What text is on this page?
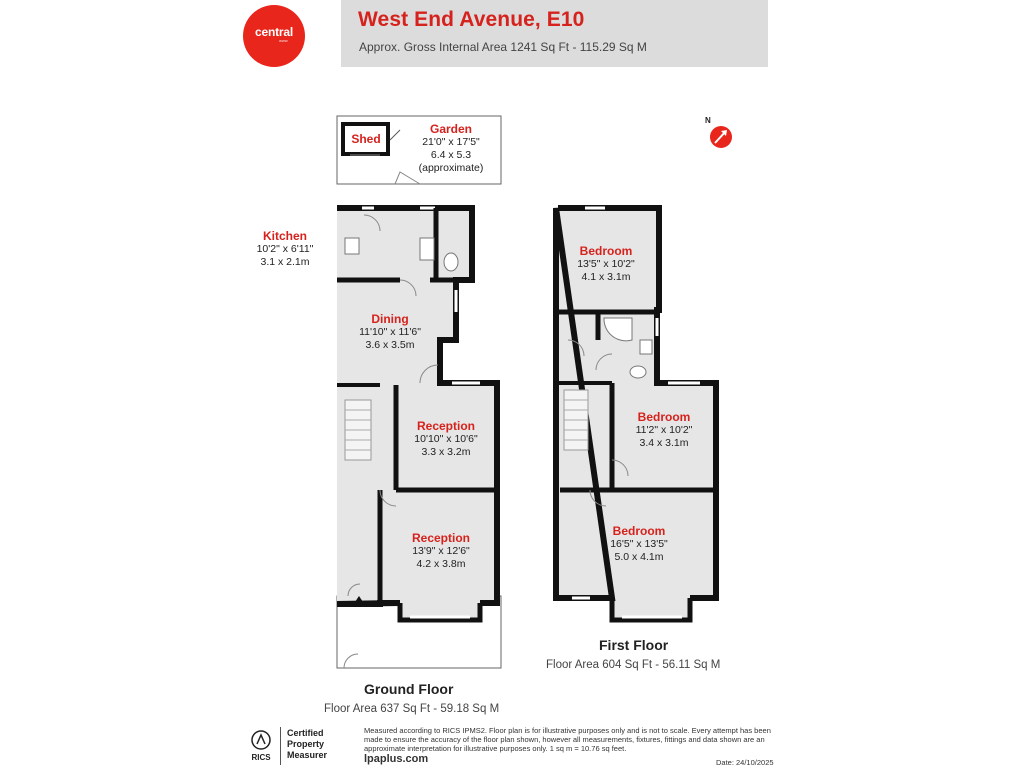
central
www
West End Avenue, E10
Approx. Gross Internal Area 1241 Sq Ft - 115.29 Sq M
N
Shed
Garden
21'0" x 17'5"
6.4 x 5.3
(approximate)
Kitchen
10'2" x 6'11"
3.1 x 2.1m
Dining
11'10" x 11'6"
3.6 x 3.5m
Reception
10'10" x 10'6"
3.3 x 3.2m
Reception
13'9" x 12'6"
4.2 x 3.8m
Ground Floor
Floor Area 637 Sq Ft - 59.18 Sq M
Bedroom
13'5" x 10'2"
4.1 x 3.1m
Bedroom
11'2" x 10'2"
3.4 x 3.1m
Bedroom
16'5" x 13'5"
5.0 x 4.1m
First Floor
Floor Area 604 Sq Ft - 56.11 Sq M
RICS
Certified
Property
Measurer
Measured according to RICS IPMS2. Floor plan is for illustrative purposes only and is not to scale. Every attempt has been made to ensure the accuracy of the floor plan shown, however all measurements, fixtures, fittings and data shown are an approximate interpretation for illustrative purposes only. 1 sq m = 10.76 sq feet.
lpaplus.com	Date: 24/10/2025
